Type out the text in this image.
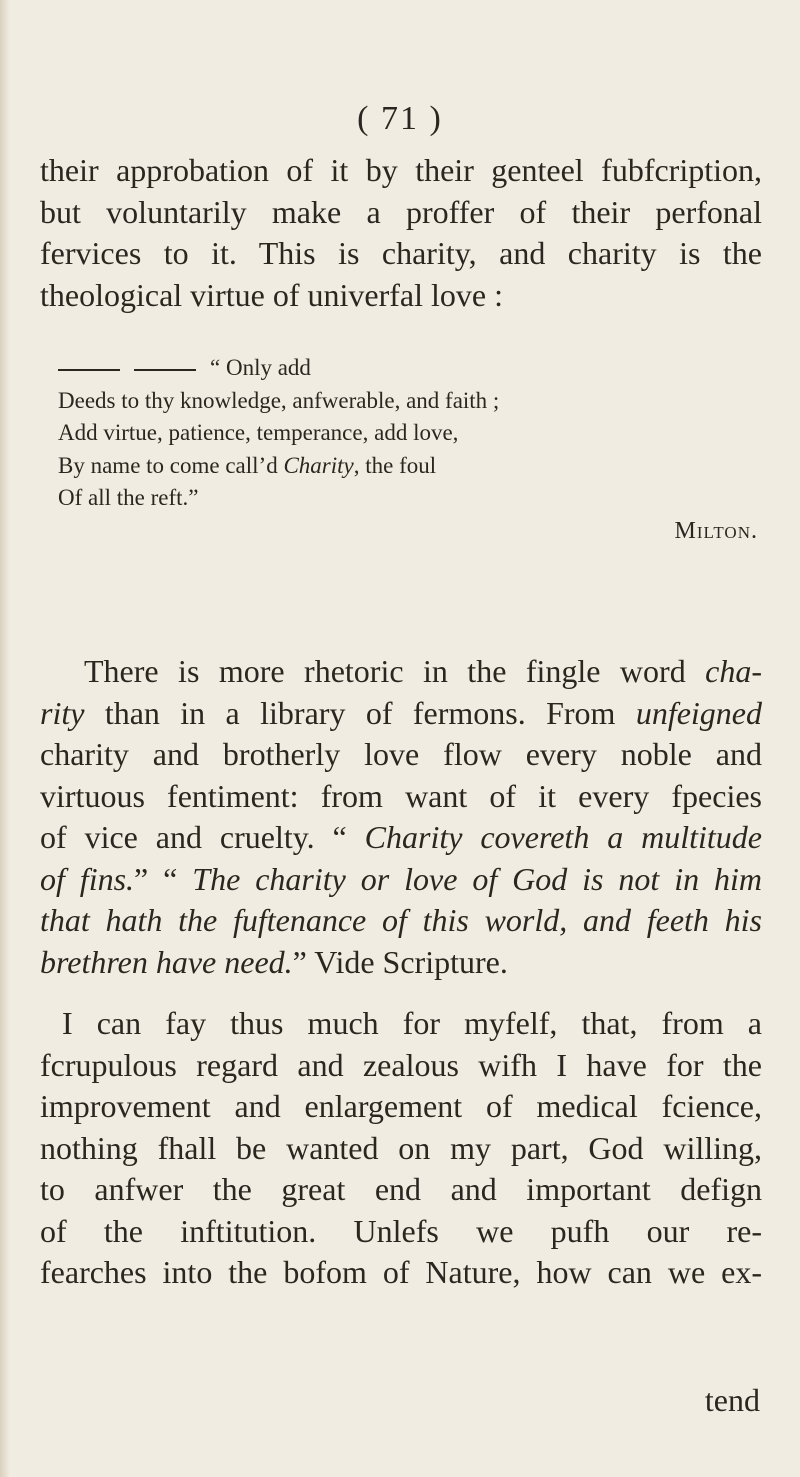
( 71 )
their approbation of it by their genteel fubfcription,
but voluntarily make a proffer of their perfonal
fervices to it. This is charity, and charity is the
theological virtue of univerfal love :
“ Only add
Deeds to thy knowledge, anfwerable, and faith ;
Add virtue, patience, temperance, add love,
By name to come call’d Charity, the foul
Of all the reft.”
Milton.
There is more rhetoric in the fingle word cha-
rity than in a library of fermons. From unfeigned
charity and brotherly love flow every noble and
virtuous fentiment: from want of it every fpecies
of vice and cruelty. “ Charity covereth a multitude
of fins.” “ The charity or love of God is not in him
that hath the fuftenance of this world, and feeth his
brethren have need.” Vide Scripture.
I can fay thus much for myfelf, that, from a
fcrupulous regard and zealous wifh I have for the
improvement and enlargement of medical fcience,
nothing fhall be wanted on my part, God willing,
to anfwer the great end and important defign
of the inftitution. Unlefs we pufh our re-
fearches into the bofom of Nature, how can we ex-
tend
